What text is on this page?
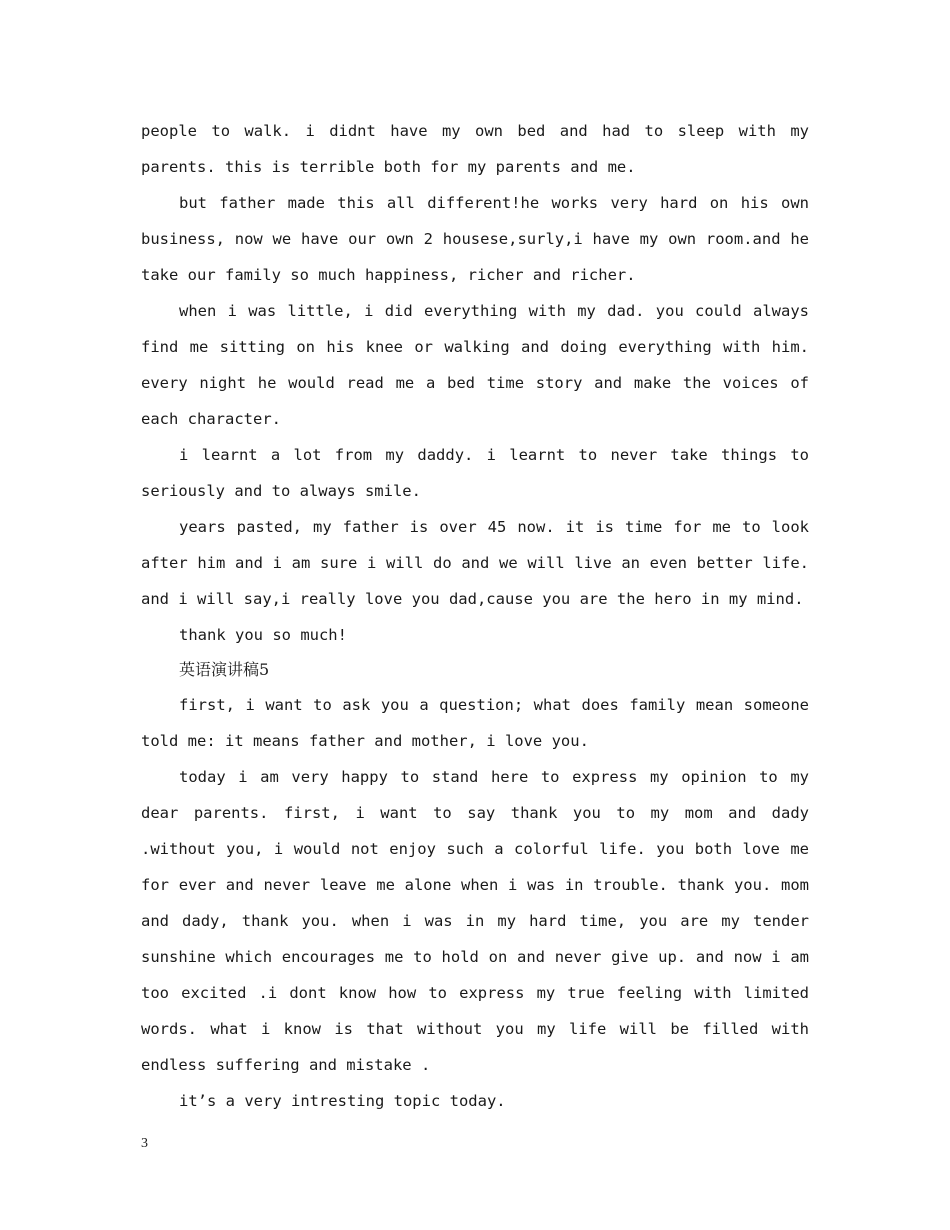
people to walk. i didnt have my own bed and had to sleep with my parents. this is terrible both for my parents and me.

but father made this all different!he works very hard on his own business, now we have our own 2 housese,surly,i have my own room.and he take our family so much happiness, richer and richer.

when i was little, i did everything with my dad. you could always find me sitting on his knee or walking and doing everything with him. every night he would read me a bed time story and make the voices of each character.

i learnt a lot from my daddy. i learnt to never take things to seriously and to always smile.

years pasted, my father is over 45 now. it is time for me to look after him and i am sure i will do and we will live an even better life. and i will say,i really love you dad,cause you are the hero in my mind.

thank you so much!

英语演讲稿5

first, i want to ask you a question; what does family mean someone told me: it means father and mother, i love you.

today i am very happy to stand here to express my opinion to my dear parents. first, i want to say thank you to my mom and dady .without you, i would not enjoy such a colorful life. you both love me for ever and never leave me alone when i was in trouble. thank you. mom and dady, thank you. when i was in my hard time, you are my tender sunshine which encourages me to hold on and never give up. and now i am too excited .i dont know how to express my true feeling with limited words. what i know is that without you my life will be filled with endless suffering and mistake .

it’s a very intresting topic today.

3
